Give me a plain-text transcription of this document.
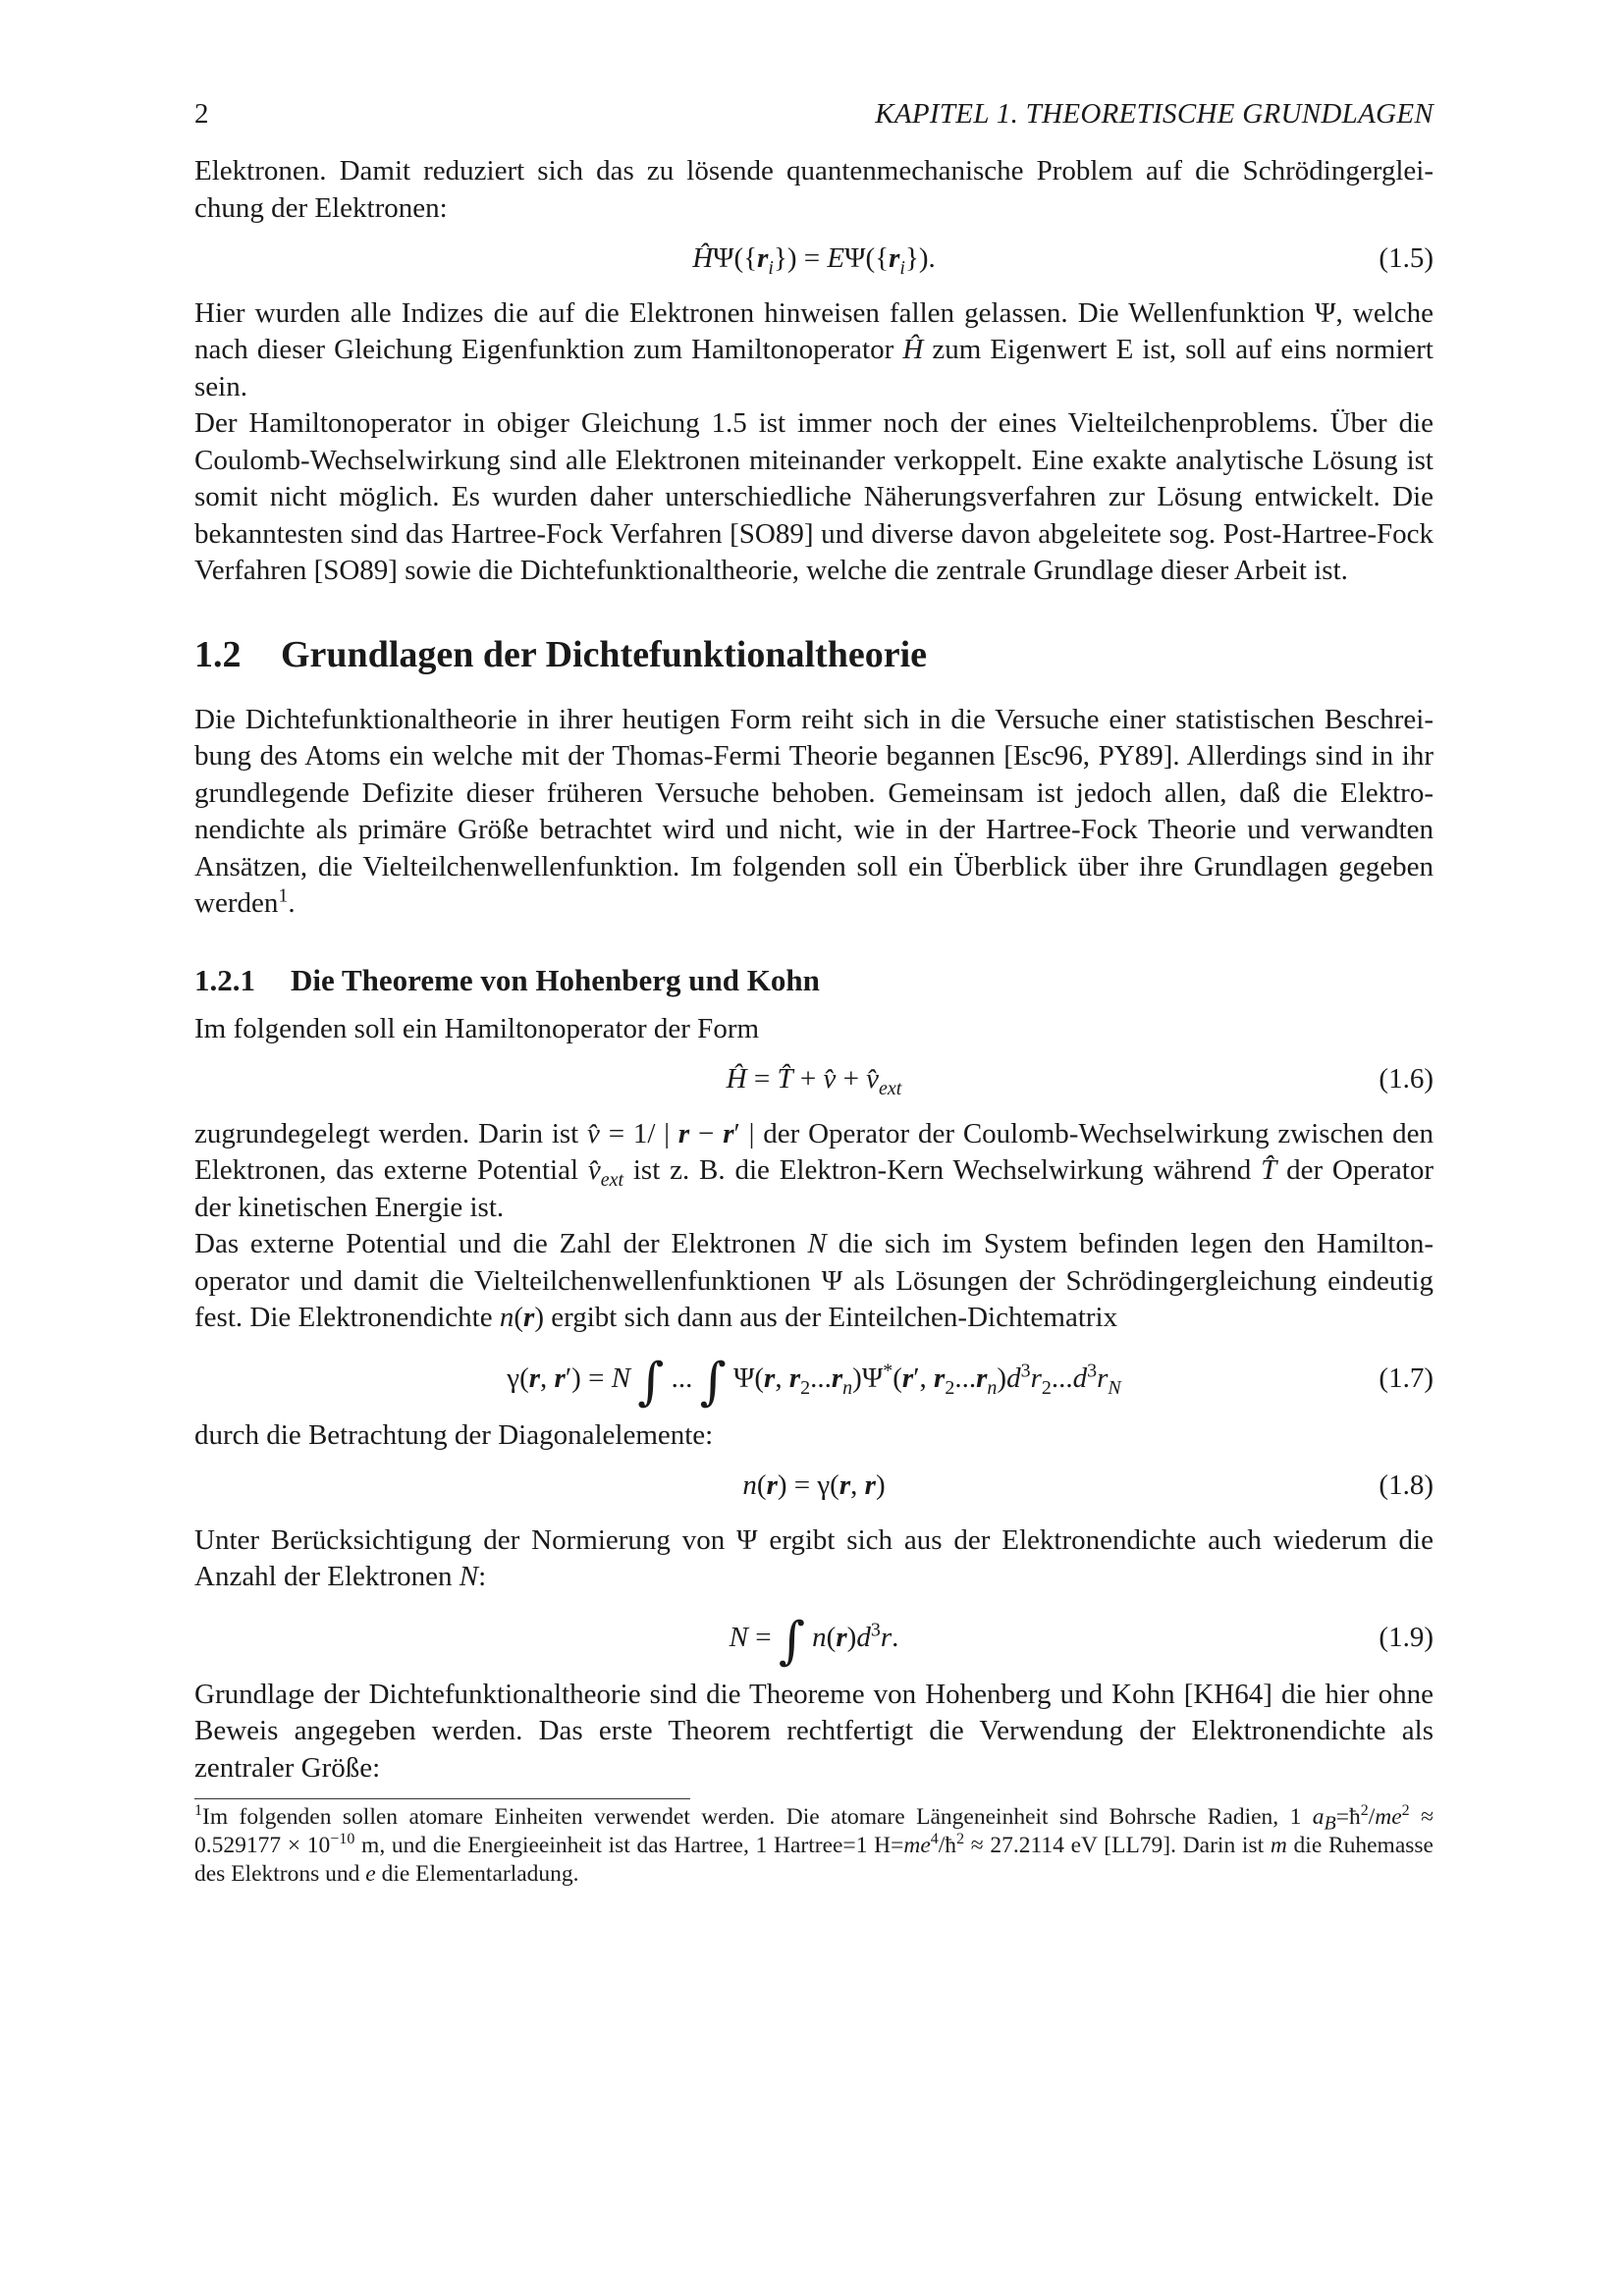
2	KAPITEL 1. THEORETISCHE GRUNDLAGEN

Elektronen. Damit reduziert sich das zu lösende quantenmechanische Problem auf die Schrödingerglei-chung der Elektronen:

$Ĥ\Psi(\{r_i\}) = E\Psi(\{r_i\})$.	(1.5)

Hier wurden alle Indizes die auf die Elektronen hinweisen fallen gelassen. Die Wellenfunktion Ψ, welche nach dieser Gleichung Eigenfunktion zum Hamiltonoperator Ĥ zum Eigenwert E ist, soll auf eins normiert sein.

Der Hamiltonoperator in obiger Gleichung 1.5 ist immer noch der eines Vielteilchenproblems. Über die Coulomb-Wechselwirkung sind alle Elektronen miteinander verkoppelt. Eine exakte analytische Lösung ist somit nicht möglich. Es wurden daher unterschiedliche Näherungsverfahren zur Lösung entwickelt. Die bekanntesten sind das Hartree-Fock Verfahren [SO89] und diverse davon abgeleitete sog. Post-Hartree-Fock Verfahren [SO89] sowie die Dichtefunktionaltheorie, welche die zentrale Grundlage dieser Arbeit ist.

1.2 Grundlagen der Dichtefunktionaltheorie

Die Dichtefunktionaltheorie in ihrer heutigen Form reiht sich in die Versuche einer statistischen Beschrei-bung des Atoms ein welche mit der Thomas-Fermi Theorie begannen [Esc96, PY89]. Allerdings sind in ihr grundlegende Defizite dieser früheren Versuche behoben. Gemeinsam ist jedoch allen, daß die Elektro-nendichte als primäre Größe betrachtet wird und nicht, wie in der Hartree-Fock Theorie und verwandten Ansätzen, die Vielteilchenwellenfunktion. Im folgenden soll ein Überblick über ihre Grundlagen gegeben werden$^1$.

1.2.1 Die Theoreme von Hohenberg und Kohn

Im folgenden soll ein Hamiltonoperator der Form

Ĥ = T̂ + v̂ + $v̂_{ext}$	(1.6)

zugrundegelegt werden. Darin ist v̂ = 1/ | r − r′ | der Operator der Coulomb-Wechselwirkung zwischen den Elektronen, das externe Potential $v̂_{ext}$ ist z. B. die Elektron-Kern Wechselwirkung während T̂ der Operator der kinetischen Energie ist.

Das externe Potential und die Zahl der Elektronen N die sich im System befinden legen den Hamilton-operator und damit die Vielteilchenwellenfunktionen Ψ als Lösungen der Schrödingergleichung eindeutig fest. Die Elektronendichte n(r) ergibt sich dann aus der Einteilchen-Dichtematrix

γ(r, r′) = N ∫ ... ∫ Ψ(r, $r_2...r_n)\Psi^*(r'$, $r_2...r_n)d^3r_2...d^3r_N$	(1.7)

durch die Betrachtung der Diagonalelemente:

n(r) = γ(r, r)	(1.8)

Unter Berücksichtigung der Normierung von Ψ ergibt sich aus der Elektronendichte auch wiederum die Anzahl der Elektronen N:

N = ∫ $n(r)d^3r$.	(1.9)

Grundlage der Dichtefunktionaltheorie sind die Theoreme von Hohenberg und Kohn [KH64] die hier ohne Beweis angegeben werden. Das erste Theorem rechtfertigt die Verwendung der Elektronendichte als zentraler Größe:

$^1$Im folgenden sollen atomare Einheiten verwendet werden. Die atomare Längeneinheit sind Bohrsche Radien, 1 $a_B=ħ^2/me^2 \approx 0.529177 \times 10^{-10}$ m, und die Energieeinheit ist das Hartree, 1 Hartree=1 $H=me^4/ħ^2 \approx 27.2114$ eV [LL79]. Darin ist m die Ruhemasse des Elektrons und e die Elementarladung.
